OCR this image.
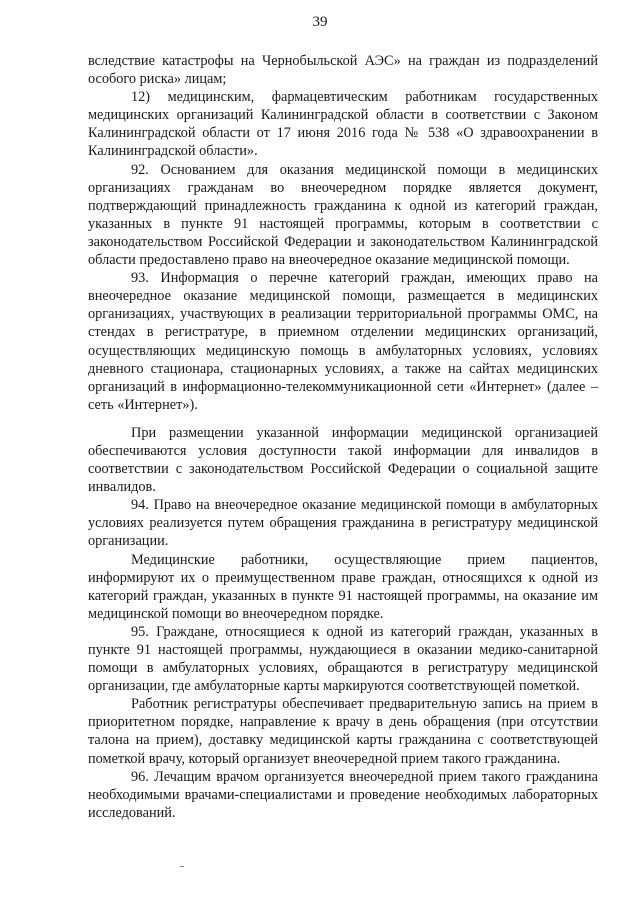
39

вследствие катастрофы на Чернобыльской АЭС» на граждан из подразделений особого риска» лицам;

12) медицинским, фармацевтическим работникам государственных медицинских организаций Калининградской области в соответствии с Законом Калининградской области от 17 июня 2016 года № 538 «О здравоохранении в Калининградской области».

92. Основанием для оказания медицинской помощи в медицинских организациях гражданам во внеочередном порядке является документ, подтверждающий принадлежность гражданина к одной из категорий граждан, указанных в пункте 91 настоящей программы, которым в соответствии с законодательством Российской Федерации и законодательством Калининградской области предоставлено право на внеочередное оказание медицинской помощи.

93. Информация о перечне категорий граждан, имеющих право на внеочередное оказание медицинской помощи, размещается в медицинских организациях, участвующих в реализации территориальной программы ОМС, на стендах в регистратуре, в приемном отделении медицинских организаций, осуществляющих медицинскую помощь в амбулаторных условиях, условиях дневного стационара, стационарных условиях, а также на сайтах медицинских организаций в информационно-телекоммуникационной сети «Интернет» (далее – сеть «Интернет»).

При размещении указанной информации медицинской организацией обеспечиваются условия доступности такой информации для инвалидов в соответствии с законодательством Российской Федерации о социальной защите инвалидов.

94. Право на внеочередное оказание медицинской помощи в амбулаторных условиях реализуется путем обращения гражданина в регистратуру медицинской организации.

Медицинские работники, осуществляющие прием пациентов, информируют их о преимущественном праве граждан, относящихся к одной из категорий граждан, указанных в пункте 91 настоящей программы, на оказание им медицинской помощи во внеочередном порядке.

95. Граждане, относящиеся к одной из категорий граждан, указанных в пункте 91 настоящей программы, нуждающиеся в оказании медико-санитарной помощи в амбулаторных условиях, обращаются в регистратуру медицинской организации, где амбулаторные карты маркируются соответствующей пометкой.

Работник регистратуры обеспечивает предварительную запись на прием в приоритетном порядке, направление к врачу в день обращения (при отсутствии талона на прием), доставку медицинской карты гражданина с соответствующей пометкой врачу, который организует внеочередной прием такого гражданина.

96. Лечащим врачом организуется внеочередной прием такого гражданина необходимыми врачами-специалистами и проведение необходимых лабораторных исследований.
